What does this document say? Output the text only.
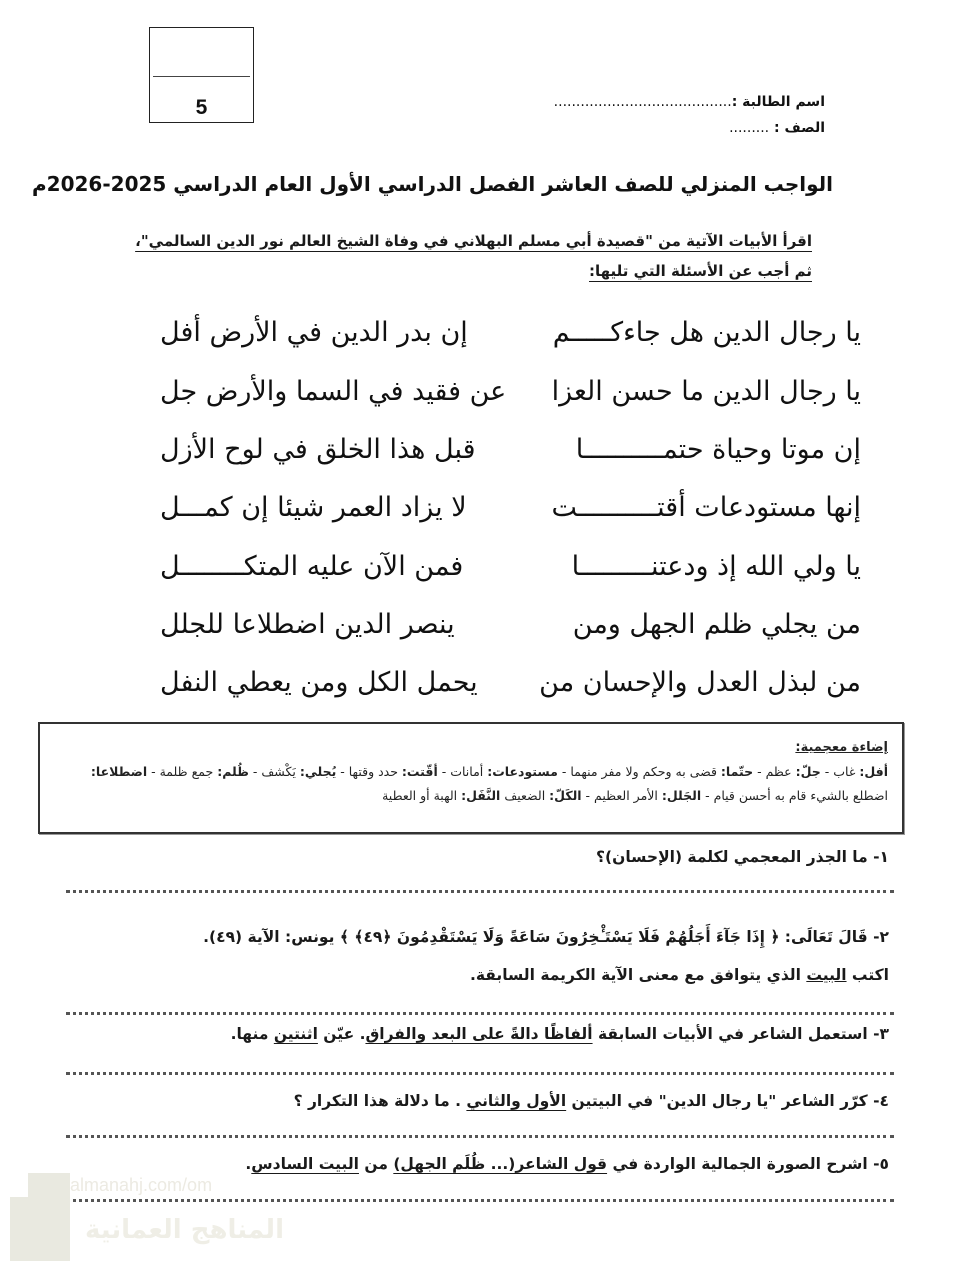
5	اسم الطالبة :........................................
الصف : .........
الواجب المنزلي للصف العاشر الفصل الدراسي الأول العام الدراسي 2025-2026م
اقرأ الأبيات الآتية من "قصيدة أبي مسلم البهلاني في وفاة الشيخ العالم نور الدين السالمي"،
ثم أجب عن الأسئلة التي تليها:
يا رجال الدين هل جاءكـــــم
إن بدر الدين في الأرض أفل
يا رجال الدين ما حسن العزا
عن فقيد في السما والأرض جل
إن موتا وحياة حتمــــــــــا
قبل هذا الخلق في لوح الأزل
إنها مستودعات أقتــــــــــت
لا يزاد العمر شيئا إن كمـــل
يا ولي الله إذ ودعتنـــــــــا
فمن الآن عليه المتكــــــــل
من يجلي ظلم الجهل ومن
ينصر الدين اضطلاعا للجلل
من لبذل العدل والإحسان من
يحمل الكل ومن يعطي النفل
إضاءة معجمية:
أفل: غاب - جلّ: عظم - حتّما: قضى به وحكم ولا مفر منهما - مستودعات: أمانات - أقّتت: حدد وقتها - يُجلي: يَكْشف - ظُلم: جمع ظلمة - اضطلاعا: اضطلع بالشيء قام به أحسن قيام - الجَلل: الأمر العظيم - الكَلّ: الضعيف النَّفَل: الهبة أو العطية
١- ما الجذر المعجمي لكلمة (الإحسان)؟
٢- قَالَ تَعَالَى: ﴿ إِذَا جَآءَ أَجَلُهُمْ فَلَا يَسْتَـْٔخِرُونَ سَاعَةً وَلَا يَسْتَقْدِمُونَ ﴿٤٩﴾ ﴾ يونس: الآية (٤٩).
اكتب البيت الذي يتوافق مع معنى الآية الكريمة السابقة.
٣- استعمل الشاعر في الأبيات السابقة ألفاظًا دالةً على البعد والفراق. عيّن اثنتين منها.
٤- كرّر الشاعر "يا رجال الدين" في البيتين الأول والثاني . ما دلالة هذا التكرار ؟
٥- اشرح الصورة الجمالية الواردة في قول الشاعر(... ظُلَم الجهل) من البيت السادس.
almanahj.com/om
المناهج العمانية
